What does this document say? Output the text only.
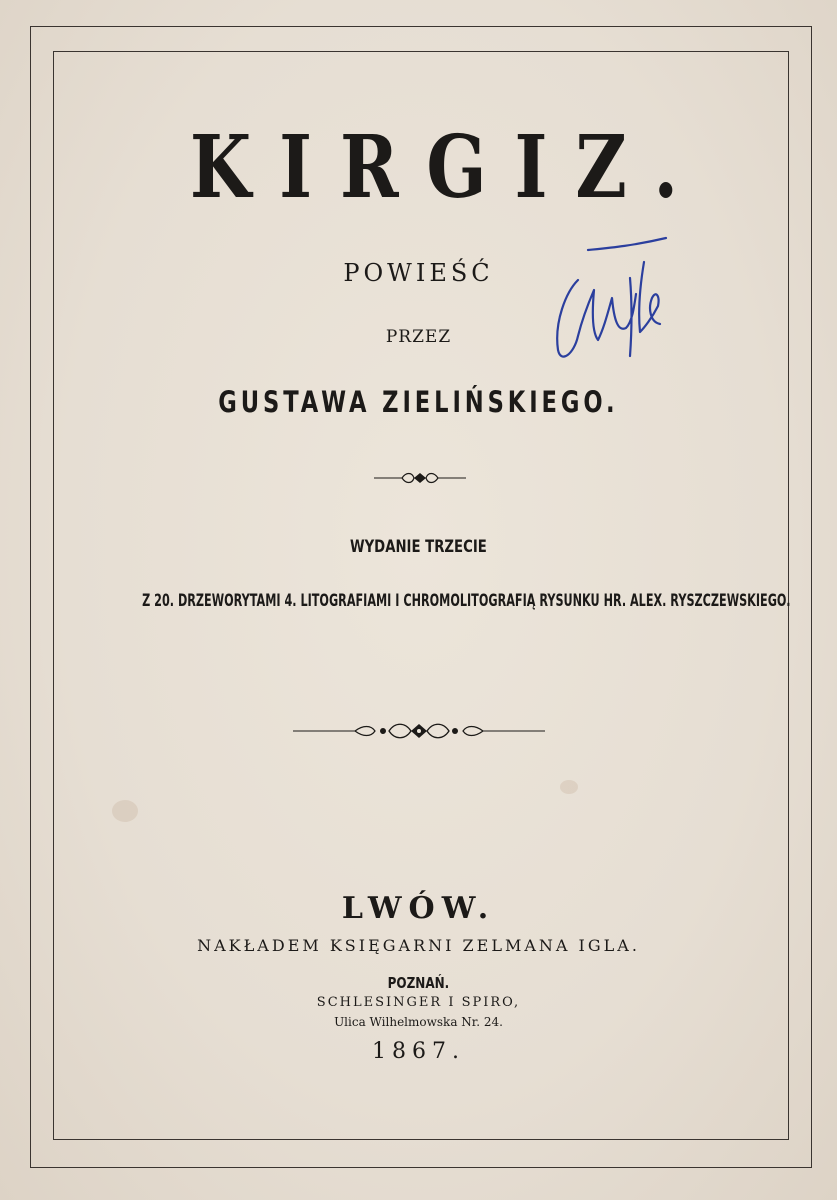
KIRGIZ.
POWIEŚĆ
PRZEZ
GUSTAWA ZIELIŃSKIEGO.
WYDANIE TRZECIE
Z 20. DRZEWORYTAMI 4. LITOGRAFIAMI I CHROMOLITOGRAFIĄ RYSUNKU HR. ALEX. RYSZCZEWSKIEGO.
LWÓW.
NAKŁADEM KSIĘGARNI ZELMANA IGLA.
POZNAŃ.
SCHLESINGER I SPIRO,
Ulica Wilhelmowska Nr. 24.
1867.
